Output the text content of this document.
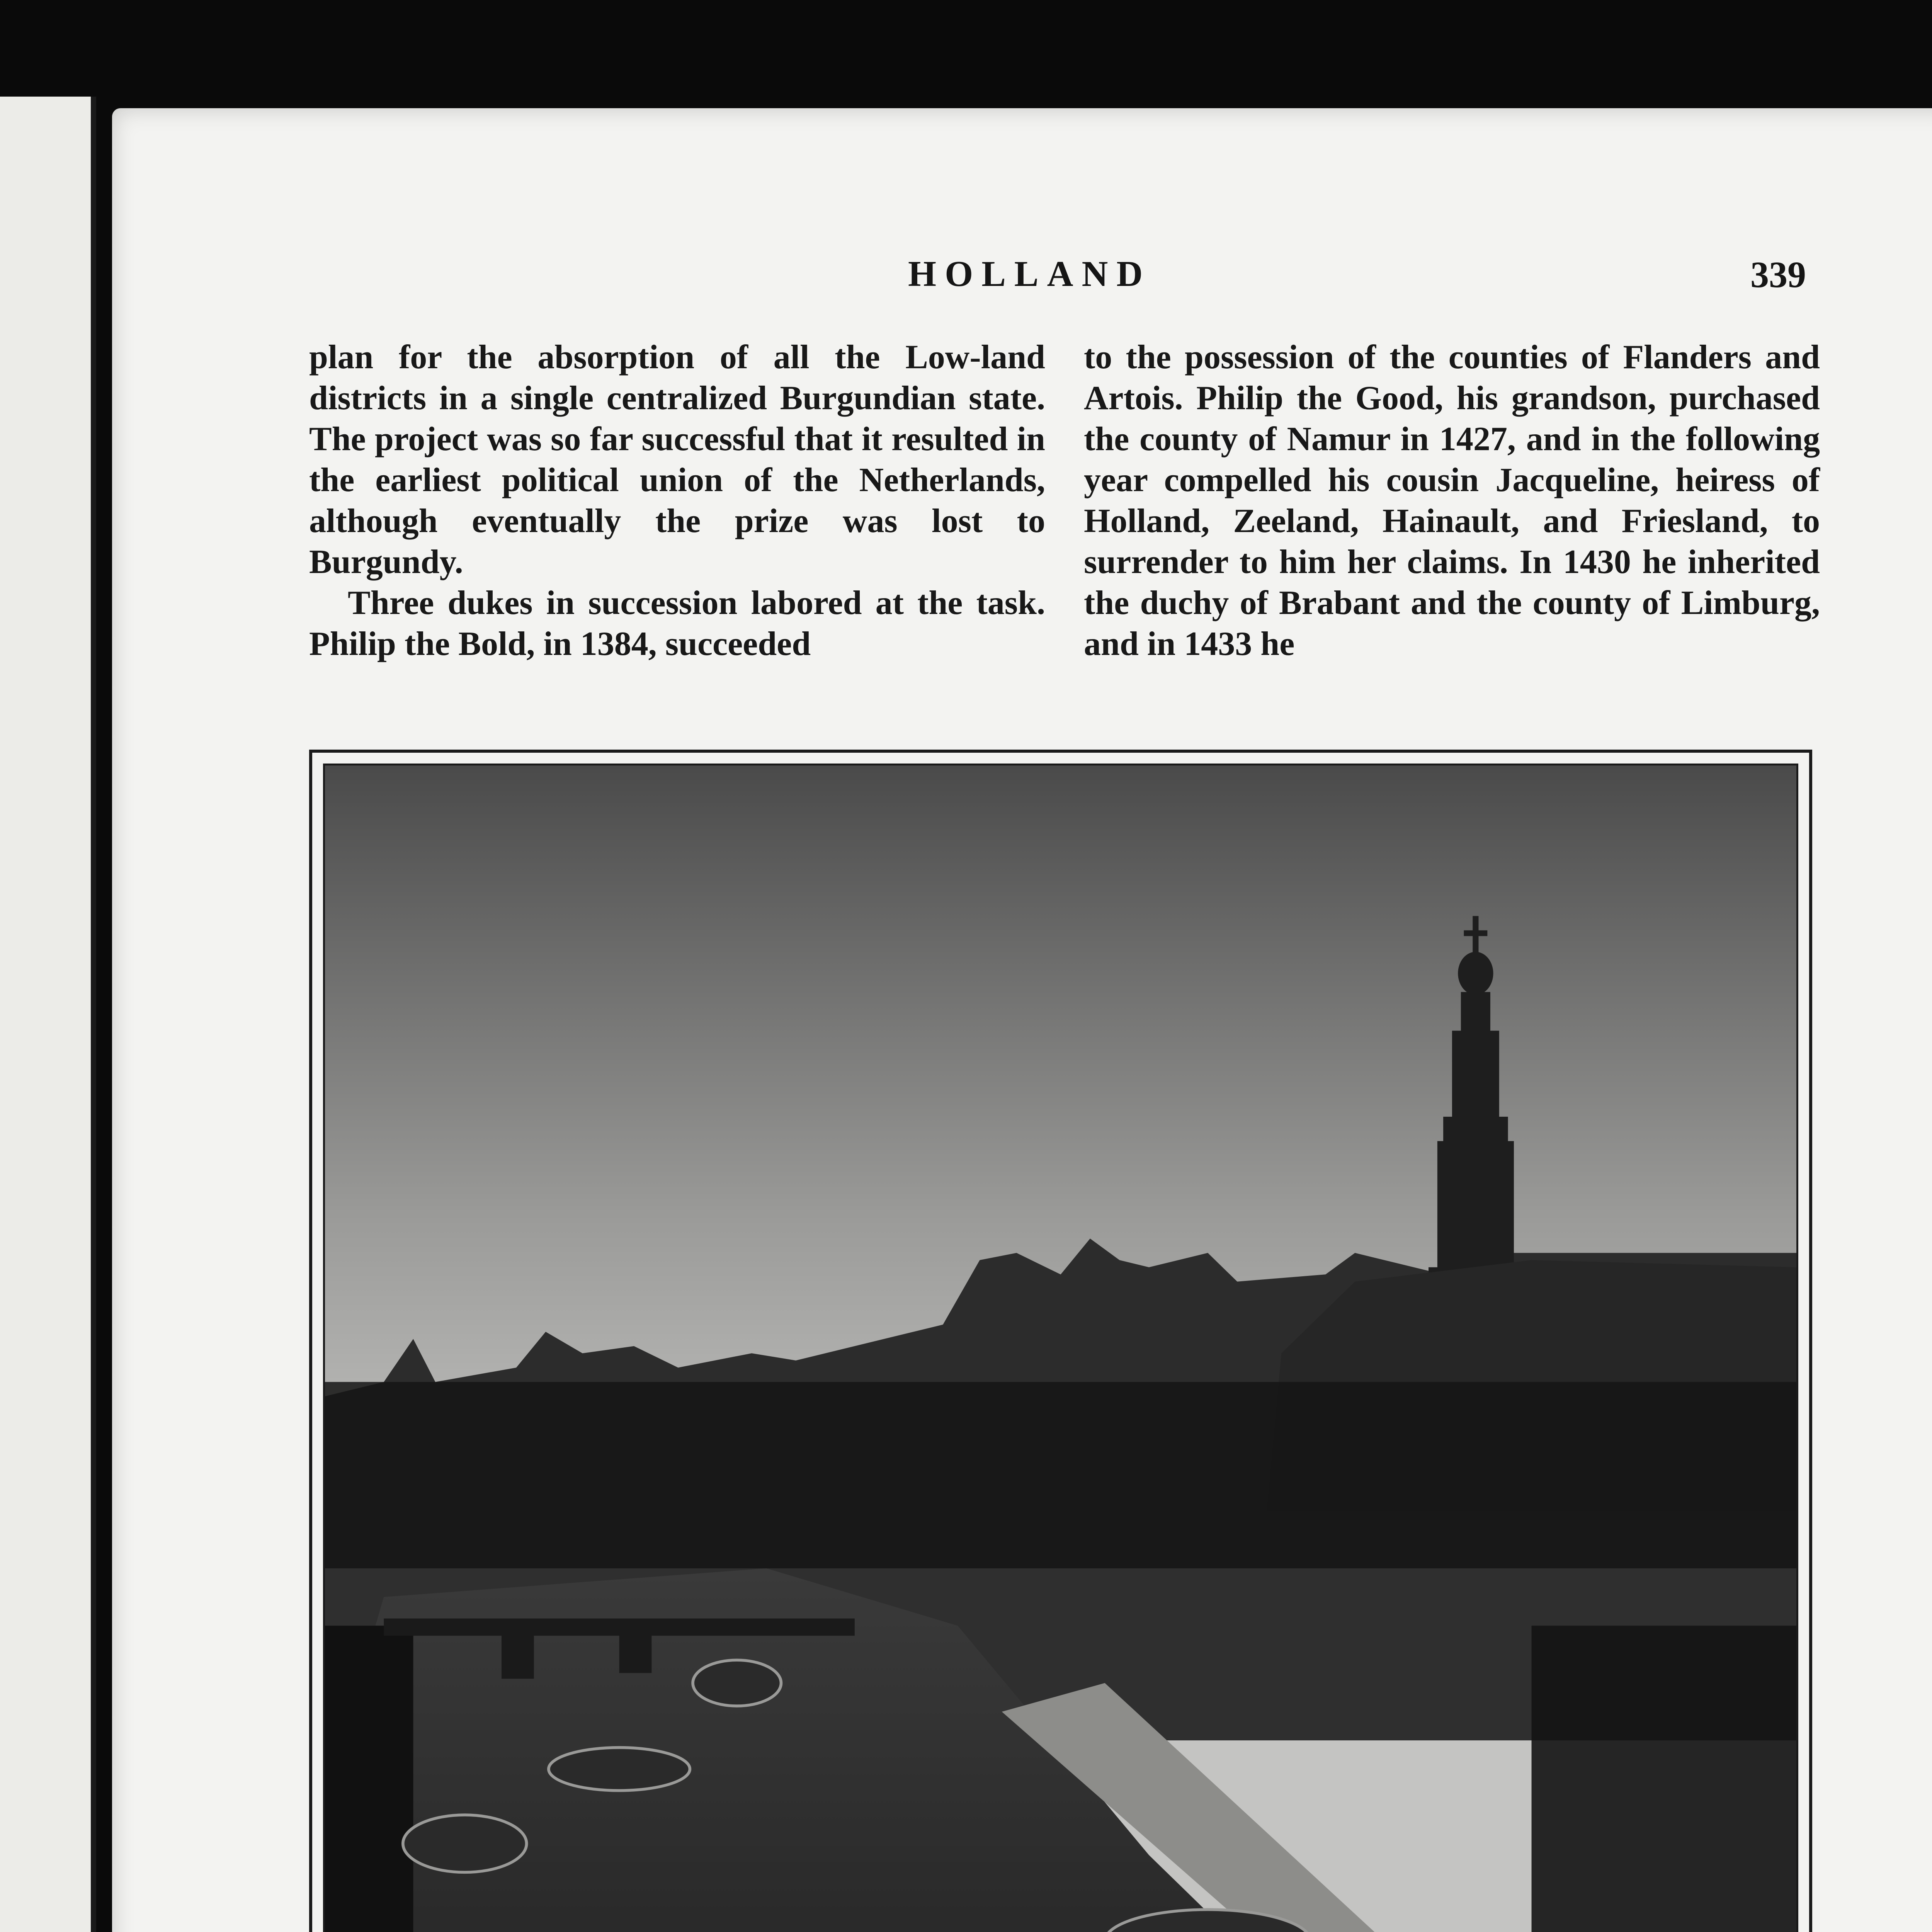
HOLLAND	339

plan for the absorption of all the Low-land districts in a single centralized Burgundian state. The project was so far successful that it resulted in the earliest political union of the Netherlands, although eventually the prize was lost to Burgundy.

Three dukes in succession labored at the task. Philip the Bold, in 1384, succeeded

to the possession of the counties of Flanders and Artois. Philip the Good, his grandson, purchased the county of Namur in 1427, and in the following year compelled his cousin Jacqueline, heiress of Holland, Zeeland, Hainault, and Friesland, to surrender to him her claims. In 1430 he inherited the duchy of Brabant and the county of Limburg, and in 1433 he
